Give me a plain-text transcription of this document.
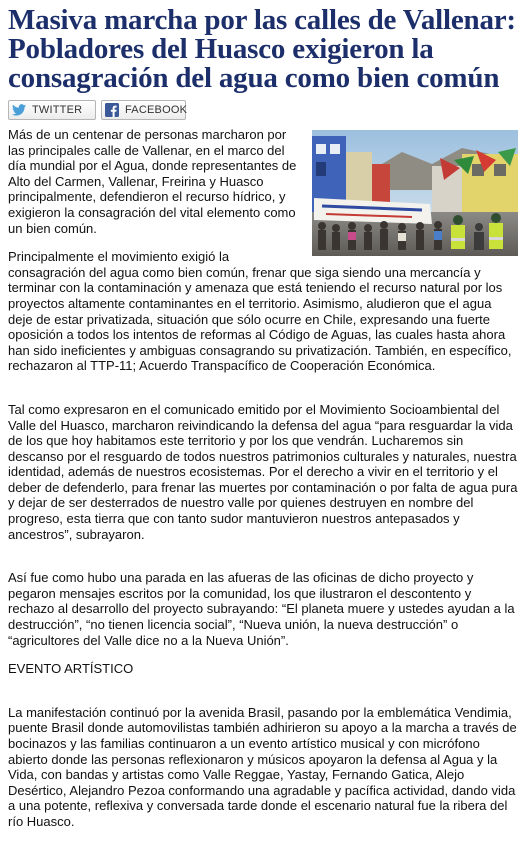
Masiva marcha por las calles de Vallenar: Pobladores del Huasco exigieron la consagración del agua como bien común
TWITTER	FACEBOOK

Más de un centenar de personas marcharon por las principales calle de Vallenar, en el marco del día mundial por el Agua, donde representantes de Alto del Carmen, Vallenar, Freirina y Huasco principalmente, defendieron el recurso hídrico, y exigieron la consagración del vital elemento como un bien común.

Principalmente el movimiento exigió la consagración del agua como bien común, frenar que siga siendo una mercancía y terminar con la contaminación y amenaza que está teniendo el recurso natural por los proyectos altamente contaminantes en el territorio. Asimismo, aludieron que el agua deje de estar privatizada, situación que sólo ocurre en Chile, expresando una fuerte oposición a todos los intentos de reformas al Código de Aguas, las cuales hasta ahora han sido ineficientes y ambiguas consagrando su privatización. También, en específico, rechazaron al TTP-11; Acuerdo Transpacífico de Cooperación Económica.

Tal como expresaron en el comunicado emitido por el Movimiento Socioambiental del Valle del Huasco, marcharon reivindicando la defensa del agua “para resguardar la vida de los que hoy habitamos este territorio y por los que vendrán. Lucharemos sin descanso por el resguardo de todos nuestros patrimonios culturales y naturales, nuestra identidad, además de nuestros ecosistemas. Por el derecho a vivir en el territorio y el deber de defenderlo, para frenar las muertes por contaminación o por falta de agua pura y dejar de ser desterrados de nuestro valle por quienes destruyen en nombre del progreso, esta tierra que con tanto sudor mantuvieron nuestros antepasados y ancestros”, subrayaron.

Así fue como hubo una parada en las afueras de las oficinas de dicho proyecto y pegaron mensajes escritos por la comunidad, los que ilustraron el descontento y rechazo al desarrollo del proyecto subrayando: “El planeta muere y ustedes ayudan a la destrucción”, “no tienen licencia social”, “Nueva unión, la nueva destrucción” o “agricultores del Valle dice no a la Nueva Unión”.

EVENTO ARTÍSTICO

La manifestación continuó por la avenida Brasil, pasando por la emblemática Vendimia, puente Brasil donde automovilistas también adhirieron su apoyo a la marcha a través de bocinazos y las familias continuaron a un evento artístico musical y con micrófono abierto donde las personas reflexionaron y músicos apoyaron la defensa al Agua y la Vida, con bandas y artistas como Valle Reggae, Yastay, Fernando Gatica, Alejo Desértico, Alejandro Pezoa conformando una agradable y pacífica actividad, dando vida a una potente, reflexiva y conversada tarde donde el escenario natural fue la ribera del río Huasco.
